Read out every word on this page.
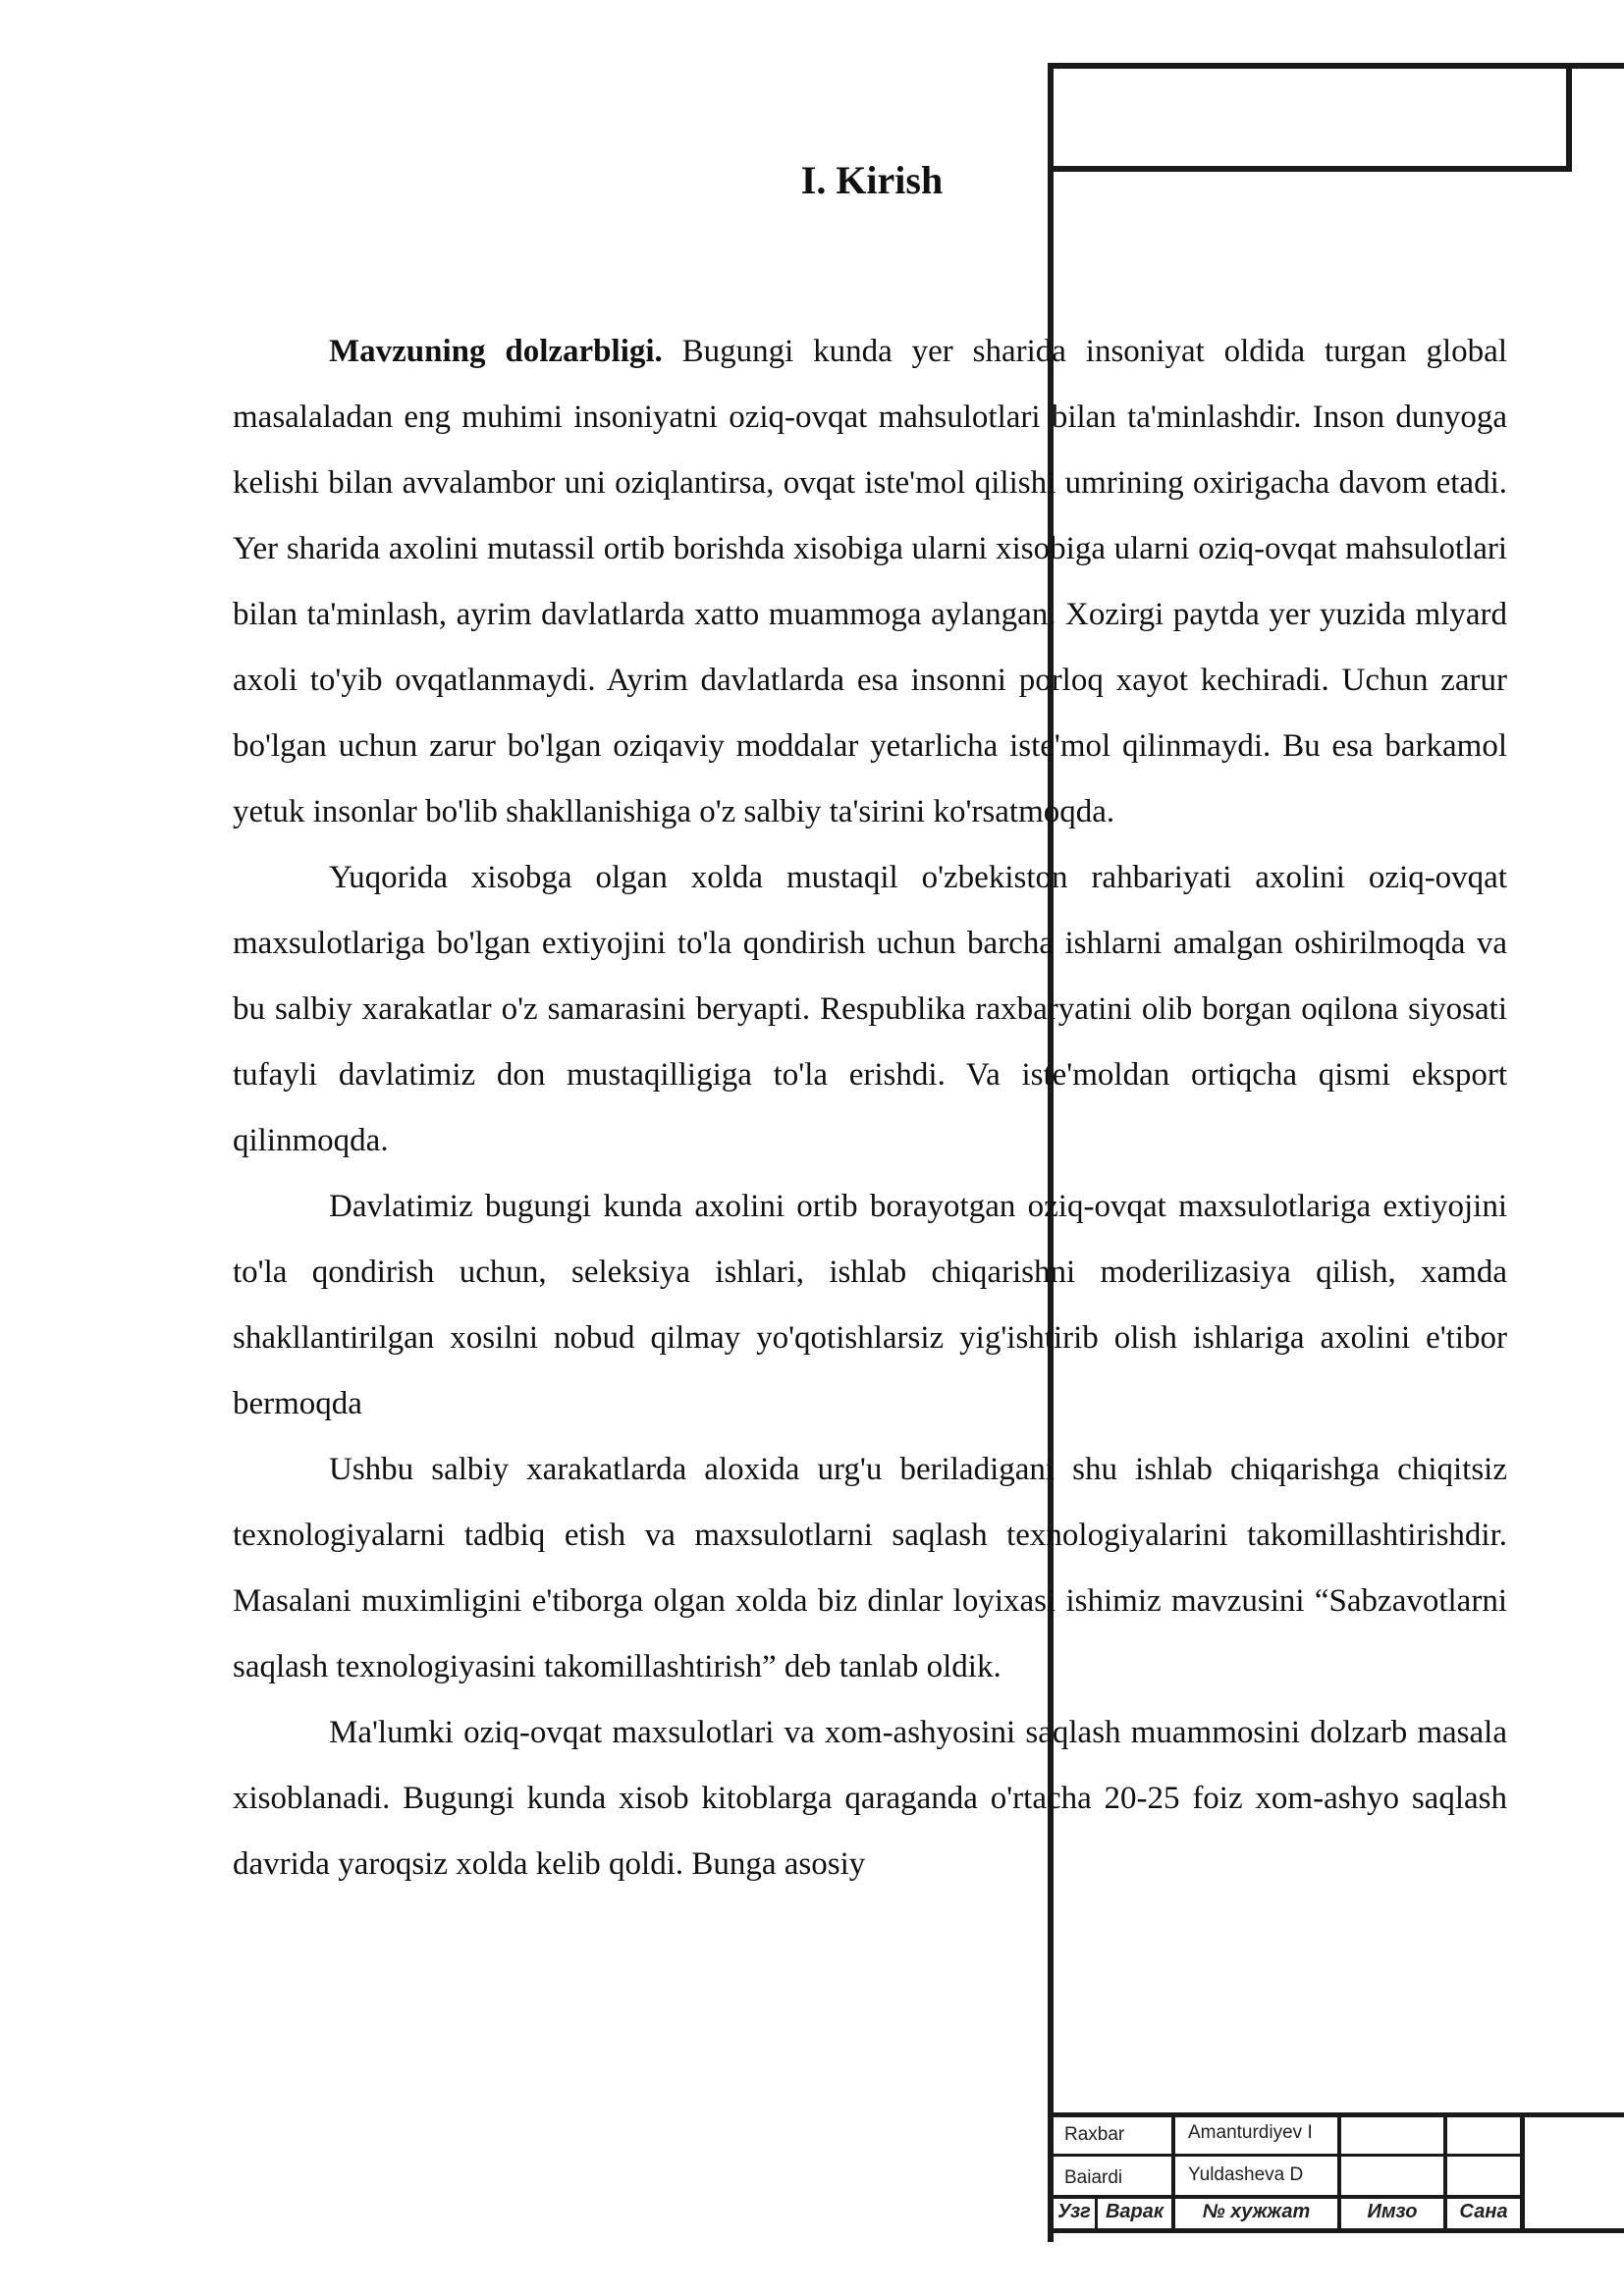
I. Kirish

Mavzuning dolzarbligi. Bugungi kunda yer sharida insoniyat oldida turgan global masalaladan eng muhimi insoniyatni oziq-ovqat mahsulotlari bilan ta'minlashdir. Inson dunyoga kelishi bilan avvalambor uni oziqlantirsa, ovqat iste'mol qilishi umrining oxirigacha davom etadi. Yer sharida axolini mutassil ortib borishda xisobiga ularni xisobiga ularni oziq-ovqat mahsulotlari bilan ta'minlash, ayrim davlatlarda xatto muammoga aylangan. Xozirgi paytda yer yuzida mlyard axoli to'yib ovqatlanmaydi. Ayrim davlatlarda esa insonni porloq xayot kechiradi. Uchun zarur bo'lgan uchun zarur bo'lgan oziqaviy moddalar yetarlicha iste'mol qilinmaydi. Bu esa barkamol yetuk insonlar bo'lib shakllanishiga o'z salbiy ta'sirini ko'rsatmoqda.

Yuqorida xisobga olgan xolda mustaqil o'zbekiston rahbariyati axolini oziq-ovqat maxsulotlariga bo'lgan extiyojini to'la qondirish uchun barcha ishlarni amalgan oshirilmoqda va bu salbiy xarakatlar o'z samarasini beryapti. Respublika raxbaryatini olib borgan oqilona siyosati tufayli davlatimiz don mustaqilligiga to'la erishdi. Va iste'moldan ortiqcha qismi eksport qilinmoqda.

Davlatimiz bugungi kunda axolini ortib borayotgan oziq-ovqat maxsulotlariga extiyojini to'la qondirish uchun, seleksiya ishlari, ishlab chiqarishni moderilizasiya qilish, xamda shakllantirilgan xosilni nobud qilmay yo'qotishlarsiz yig'ishtirib olish ishlariga axolini e'tibor bermoqda

Ushbu salbiy xarakatlarda aloxida urg'u beriladigani shu ishlab chiqarishga chiqitsiz texnologiyalarni tadbiq etish va maxsulotlarni saqlash texnologiyalarini takomillashtirishdir. Masalani muximligini e'tiborga olgan xolda biz dinlar loyixasi ishimiz mavzusini “Sabzavotlarni saqlash texnologiyasini takomillashtirish” deb tanlab oldik.

Ma'lumki oziq-ovqat maxsulotlari va xom-ashyosini saqlash muammosini dolzarb masala xisoblanadi. Bugungi kunda xisob kitoblarga qaraganda o'rtacha 20-25 foiz xom-ashyo saqlash davrida yaroqsiz xolda kelib qoldi. Bunga asosiy

Raxbar	Amanturdiyev I
Baiardi	Yuldasheva D
Узг Варак	№ хужжат	Имзо	Сана
